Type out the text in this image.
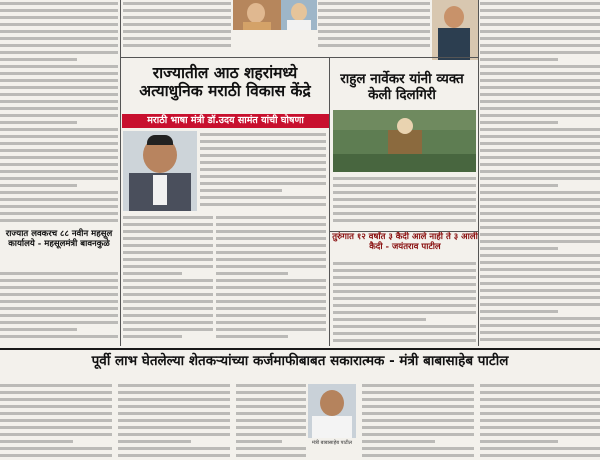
राज्यातील आठ शहरांमध्ये अत्याधुनिक मराठी विकास केंद्रे
मराठी भाषा मंत्री डॉ.उदय सामंत यांची घोषणा
राहुल नार्वेकर यांनी व्यक्त केली दिलगिरी
तुरुंगात १२ वर्षांत ३ कैदी आले नाही ते ३ आली कैदी - जयंतराव पाटील
राज्यात लवकरच ८८ नवीन महसूल कार्यालये - महसूलमंत्री बावनकुळे
पूर्वी लाभ घेतलेल्या शेतकऱ्यांच्या कर्जमाफीबाबत सकारात्मक - मंत्री बाबासाहेब पाटील
मंत्री बाबासाहेब पाटील
